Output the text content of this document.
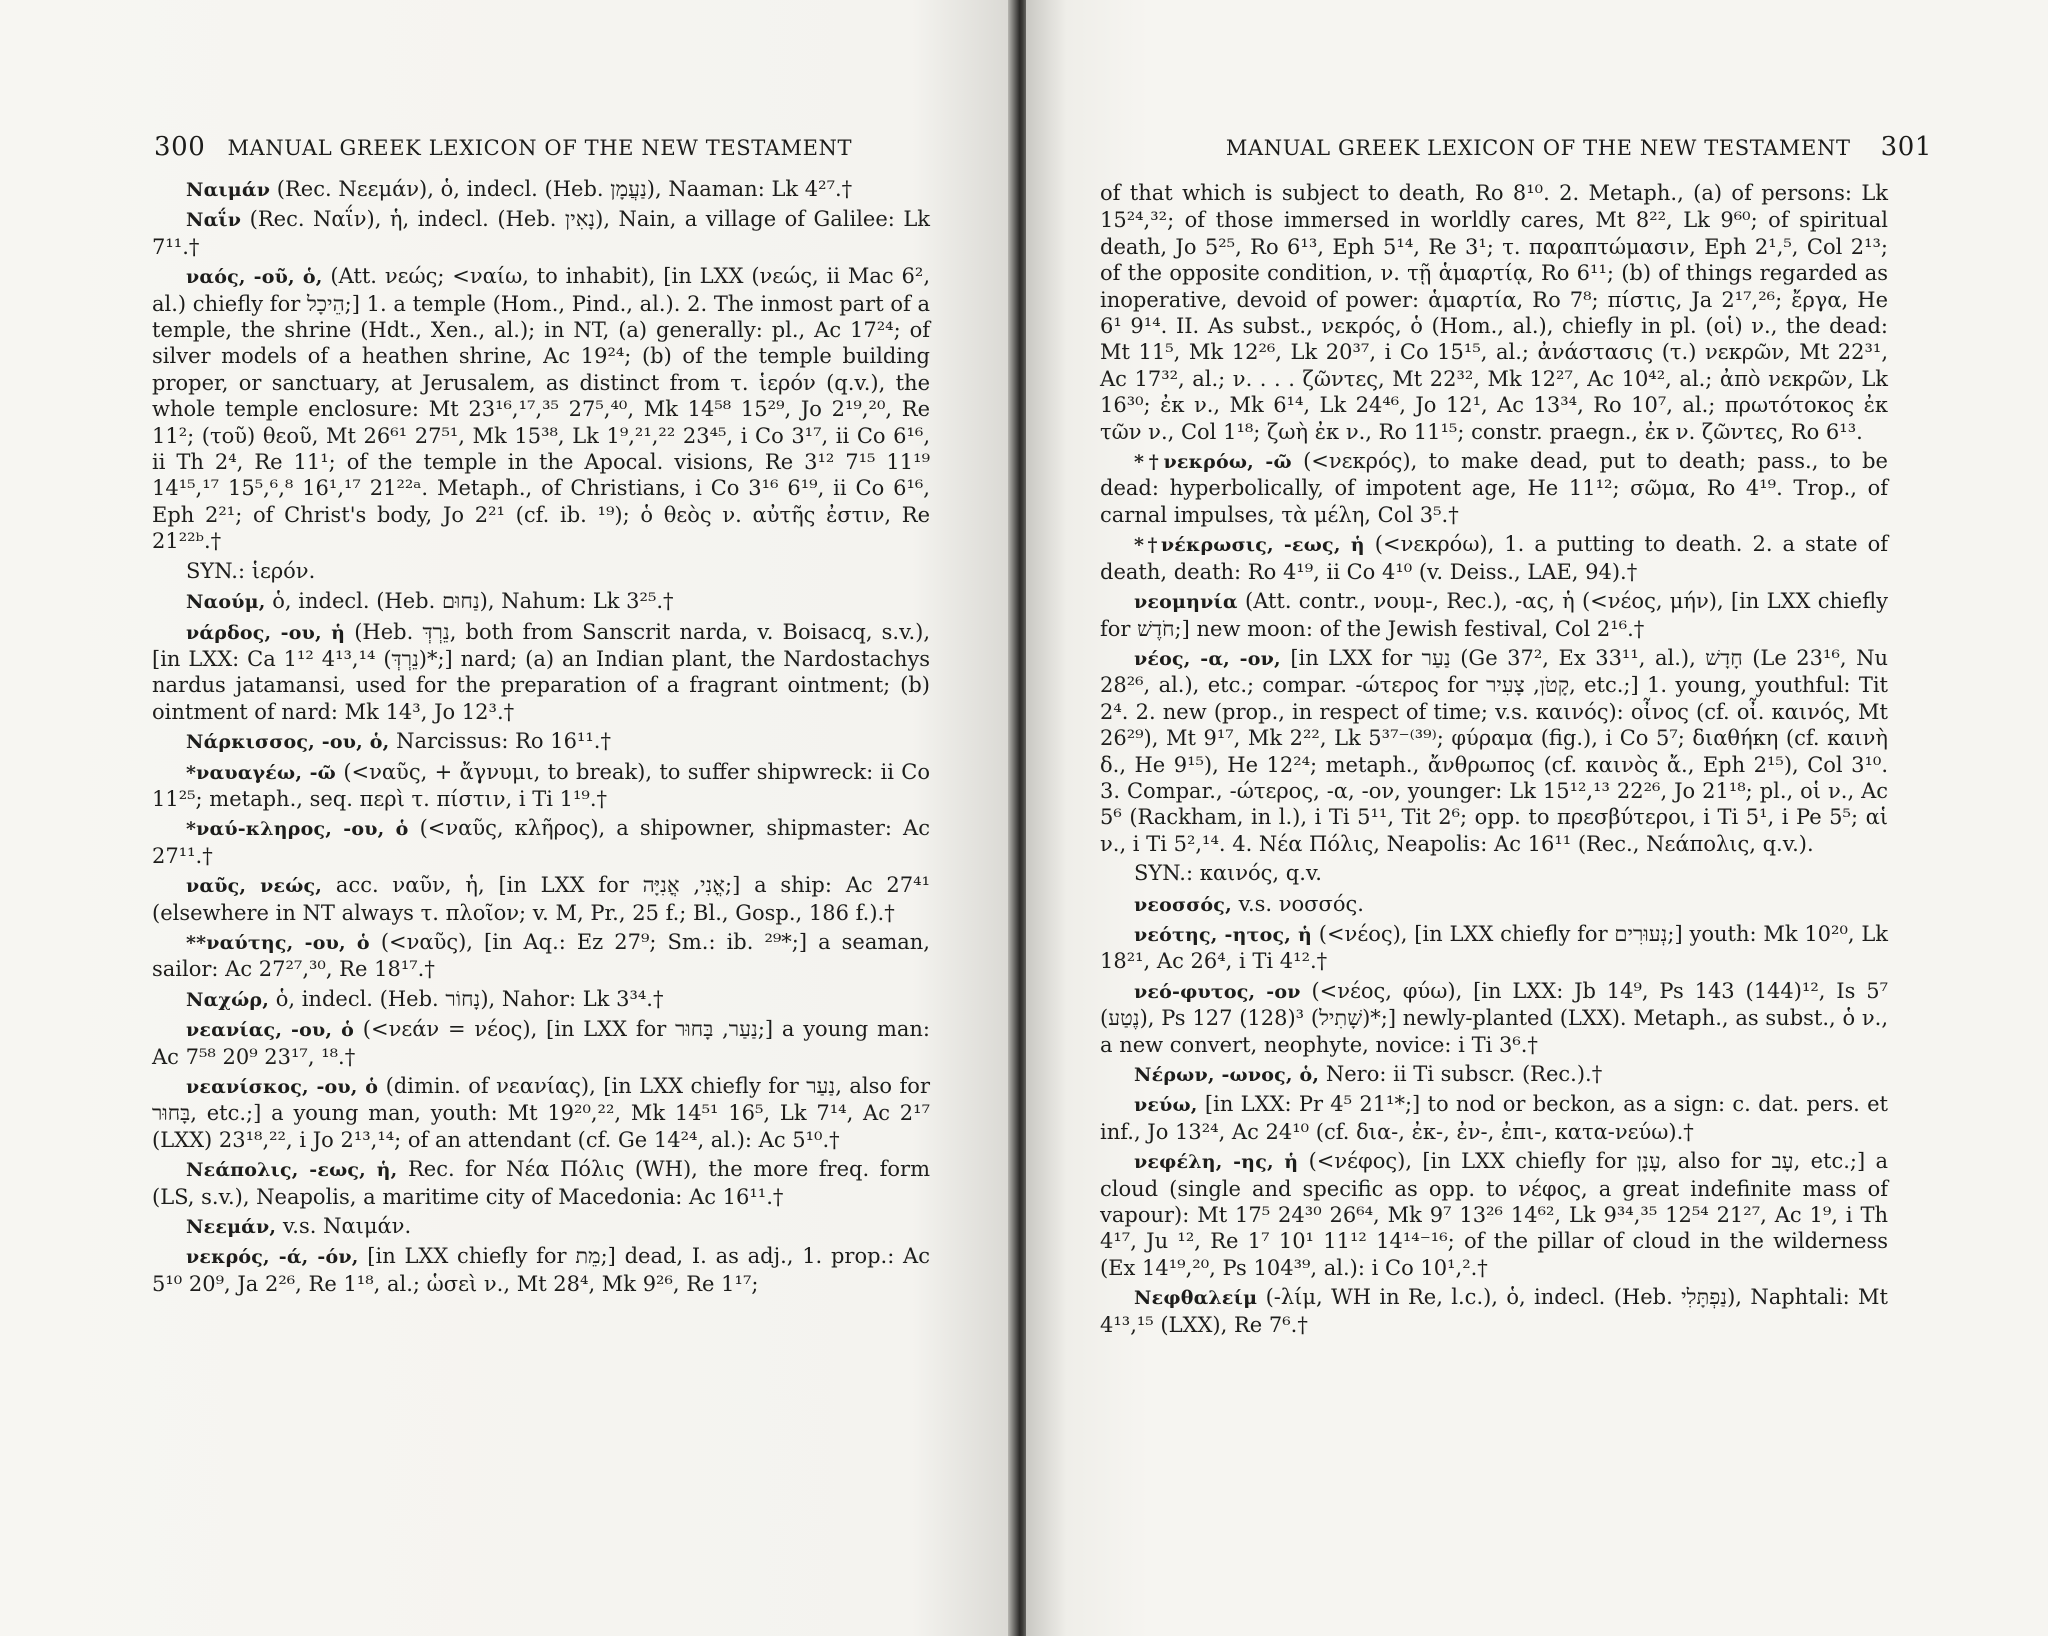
300 MANUAL GREEK LEXICON OF THE NEW TESTAMENT

Ναιμάν (Rec. Νεεμάν), ὁ, indecl. (Heb. נַעֲמָן), Naaman: Lk 4²⁷.†

Ναΐν (Rec. Ναΐν), ἡ, indecl. (Heb. נָאִין), Nain, a village of Galilee: Lk 7¹¹.†

ναός, -οῦ, ὁ, (Att. νεώς; <ναίω, to inhabit), [in LXX (νεώς, ii Mac 6², al.) chiefly for הֵיכָל;] 1. a temple (Hom., Pind., al.). 2. The inmost part of a temple, the shrine (Hdt., Xen., al.); in NT, (a) generally: pl., Ac 17²⁴; of silver models of a heathen shrine, Ac 19²⁴; (b) of the temple building proper, or sanctuary, at Jerusalem, as distinct from τ. ἱερόν (q.v.), the whole temple enclosure: Mt 23¹⁶,¹⁷,³⁵ 27⁵,⁴⁰, Mk 14⁵⁸ 15²⁹, Jo 2¹⁹,²⁰, Re 11²; (τοῦ) θεοῦ, Mt 26⁶¹ 27⁵¹, Mk 15³⁸, Lk 1⁹,²¹,²² 23⁴⁵, i Co 3¹⁷, ii Co 6¹⁶, ii Th 2⁴, Re 11¹; of the temple in the Apocal. visions, Re 3¹² 7¹⁵ 11¹⁹ 14¹⁵,¹⁷ 15⁵,⁶,⁸ 16¹,¹⁷ 21²²ᵃ. Metaph., of Christians, i Co 3¹⁶ 6¹⁹, ii Co 6¹⁶, Eph 2²¹; of Christ's body, Jo 2²¹ (cf. ib. ¹⁹); ὁ θεὸς ν. αὐτῆς ἐστιν, Re 21²²ᵇ.†

SYN.: ἱερόν.

Ναούμ, ὁ, indecl. (Heb. נַחוּם), Nahum: Lk 3²⁵.†

νάρδος, -ου, ἡ (Heb. נֵרְדְּ, both from Sanscrit narda, v. Boisacq, s.v.), [in LXX: Ca 1¹² 4¹³,¹⁴ (נֵרְדְּ)*;] nard; (a) an Indian plant, the Nardostachys nardus jatamansi, used for the preparation of a fragrant ointment; (b) ointment of nard: Mk 14³, Jo 12³.†

Νάρκισσος, -ου, ὁ, Narcissus: Ro 16¹¹.†

*ναυαγέω, -ῶ (<ναῦς, + ἄγνυμι, to break), to suffer shipwreck: ii Co 11²⁵; metaph., seq. περὶ τ. πίστιν, i Ti 1¹⁹.†

*ναύ-κληρος, -ου, ὁ (<ναῦς, κλῆρος), a shipowner, shipmaster: Ac 27¹¹.†

ναῦς, νεώς, acc. ναῦν, ἡ, [in LXX for אֳנִי, אֳנִיָּה;] a ship: Ac 27⁴¹ (elsewhere in NT always τ. πλοῖον; v. M, Pr., 25 f.; Bl., Gosp., 186 f.).†

**ναύτης, -ου, ὁ (<ναῦς), [in Aq.: Ez 27⁹; Sm.: ib. ²⁹*;] a seaman, sailor: Ac 27²⁷,³⁰, Re 18¹⁷.†

Ναχώρ, ὁ, indecl. (Heb. נָחוֹר), Nahor: Lk 3³⁴.†

νεανίας, -ου, ὁ (<νεάν = νέος), [in LXX for נַעַר, בָּחוּר;] a young man: Ac 7⁵⁸ 20⁹ 23¹⁷, ¹⁸.†

νεανίσκος, -ου, ὁ (dimin. of νεανίας), [in LXX chiefly for נַעַר, also for בָּחוּר, etc.;] a young man, youth: Mt 19²⁰,²², Mk 14⁵¹ 16⁵, Lk 7¹⁴, Ac 2¹⁷ (LXX) 23¹⁸,²², i Jo 2¹³,¹⁴; of an attendant (cf. Ge 14²⁴, al.): Ac 5¹⁰.†

Νεάπολις, -εως, ἡ, Rec. for Νέα Πόλις (WH), the more freq. form (LS, s.v.), Neapolis, a maritime city of Macedonia: Ac 16¹¹.†

Νεεμάν, v.s. Ναιμάν.

νεκρός, -ά, -όν, [in LXX chiefly for מֵת;] dead, I. as adj., 1. prop.: Ac 5¹⁰ 20⁹, Ja 2²⁶, Re 1¹⁸, al.; ὡσεὶ ν., Mt 28⁴, Mk 9²⁶, Re 1¹⁷;

MANUAL GREEK LEXICON OF THE NEW TESTAMENT 301

of that which is subject to death, Ro 8¹⁰. 2. Metaph., (a) of persons: Lk 15²⁴,³²; of those immersed in worldly cares, Mt 8²², Lk 9⁶⁰; of spiritual death, Jo 5²⁵, Ro 6¹³, Eph 5¹⁴, Re 3¹; τ. παραπτώμασιν, Eph 2¹,⁵, Col 2¹³; of the opposite condition, ν. τῇ ἁμαρτίᾳ, Ro 6¹¹; (b) of things regarded as inoperative, devoid of power: ἁμαρτία, Ro 7⁸; πίστις, Ja 2¹⁷,²⁶; ἔργα, He 6¹ 9¹⁴. II. As subst., νεκρός, ὁ (Hom., al.), chiefly in pl. (οἱ) ν., the dead: Mt 11⁵, Mk 12²⁶, Lk 20³⁷, i Co 15¹⁵, al.; ἀνάστασις (τ.) νεκρῶν, Mt 22³¹, Ac 17³², al.; ν. . . . ζῶντες, Mt 22³², Mk 12²⁷, Ac 10⁴², al.; ἀπὸ νεκρῶν, Lk 16³⁰; ἐκ ν., Mk 6¹⁴, Lk 24⁴⁶, Jo 12¹, Ac 13³⁴, Ro 10⁷, al.; πρωτότοκος ἐκ τῶν ν., Col 1¹⁸; ζωὴ ἐκ ν., Ro 11¹⁵; constr. praegn., ἐκ ν. ζῶντες, Ro 6¹³.

*†νεκρόω, -ῶ (<νεκρός), to make dead, put to death; pass., to be dead: hyperbolically, of impotent age, He 11¹²; σῶμα, Ro 4¹⁹. Trop., of carnal impulses, τὰ μέλη, Col 3⁵.†

*†νέκρωσις, -εως, ἡ (<νεκρόω), 1. a putting to death. 2. a state of death, death: Ro 4¹⁹, ii Co 4¹⁰ (v. Deiss., LAE, 94).†

νεομηνία (Att. contr., νουμ-, Rec.), -ας, ἡ (<νέος, μήν), [in LXX chiefly for חֹדֶשׁ;] new moon: of the Jewish festival, Col 2¹⁶.†

νέος, -α, -ον, [in LXX for נַעַר (Ge 37², Ex 33¹¹, al.), חָדָשׁ (Le 23¹⁶, Nu 28²⁶, al.), etc.; compar. -ώτερος for קָטֹן, צָעִיר, etc.;] 1. young, youthful: Tit 2⁴. 2. new (prop., in respect of time; v.s. καινός): οἶνος (cf. οἶ. καινός, Mt 26²⁹), Mt 9¹⁷, Mk 2²², Lk 5³⁷⁻⁽³⁹⁾; φύραμα (fig.), i Co 5⁷; διαθήκη (cf. καινὴ δ., He 9¹⁵), He 12²⁴; metaph., ἄνθρωπος (cf. καινὸς ἄ., Eph 2¹⁵), Col 3¹⁰. 3. Compar., -ώτερος, -α, -ον, younger: Lk 15¹²,¹³ 22²⁶, Jo 21¹⁸; pl., οἱ ν., Ac 5⁶ (Rackham, in l.), i Ti 5¹¹, Tit 2⁶; opp. to πρεσβύτεροι, i Ti 5¹, i Pe 5⁵; αἱ ν., i Ti 5²,¹⁴. 4. Νέα Πόλις, Neapolis: Ac 16¹¹ (Rec., Νεάπολις, q.v.).

SYN.: καινός, q.v.

νεοσσός, v.s. νοσσός.

νεότης, -ητος, ἡ (<νέος), [in LXX chiefly for נְעוּרִים;] youth: Mk 10²⁰, Lk 18²¹, Ac 26⁴, i Ti 4¹².†

νεό-φυτος, -ον (<νέος, φύω), [in LXX: Jb 14⁹, Ps 143 (144)¹², Is 5⁷ (נֶטַע), Ps 127 (128)³ (שָׁתִיל)*;] newly-planted (LXX). Metaph., as subst., ὁ ν., a new convert, neophyte, novice: i Ti 3⁶.†

Νέρων, -ωνος, ὁ, Nero: ii Ti subscr. (Rec.).†

νεύω, [in LXX: Pr 4⁵ 21¹*;] to nod or beckon, as a sign: c. dat. pers. et inf., Jo 13²⁴, Ac 24¹⁰ (cf. δια-, ἐκ-, ἐν-, ἐπι-, κατα-νεύω).†

νεφέλη, -ης, ἡ (<νέφος), [in LXX chiefly for עָנָן, also for עָב, etc.;] a cloud (single and specific as opp. to νέφος, a great indefinite mass of vapour): Mt 17⁵ 24³⁰ 26⁶⁴, Mk 9⁷ 13²⁶ 14⁶², Lk 9³⁴,³⁵ 12⁵⁴ 21²⁷, Ac 1⁹, i Th 4¹⁷, Ju ¹², Re 1⁷ 10¹ 11¹² 14¹⁴⁻¹⁶; of the pillar of cloud in the wilderness (Ex 14¹⁹,²⁰, Ps 104³⁹, al.): i Co 10¹,².†

Νεφθαλείμ (-λίμ, WH in Re, l.c.), ὁ, indecl. (Heb. נַפְתָּלִי), Naphtali: Mt 4¹³,¹⁵ (LXX), Re 7⁶.†
